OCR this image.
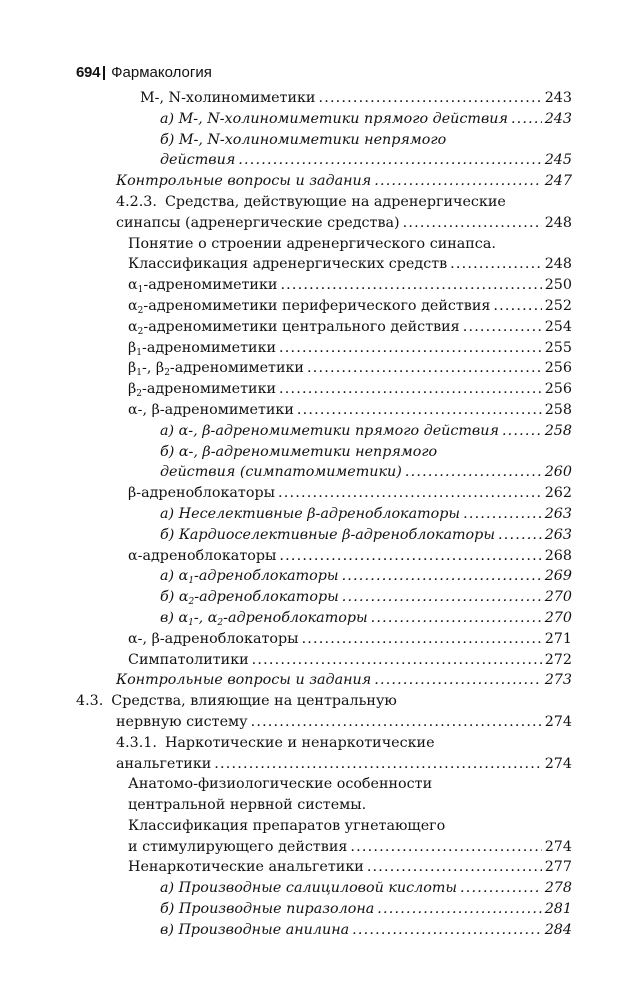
694 Фармакология
М-, N-холиномиметики .....	243
а) М-, N-холиномиметики прямого действия .....	243
б) М-, N-холиномиметики непрямого
действия .....	245
Контрольные вопросы и задания .....	247
4.2.3. Средства, действующие на адренергические
синапсы (адренергические средства) .....	248
Понятие о строении адренергического синапса.
Классификация адренергических средств .....	248
$\alpha_1$-адреномиметики .....	250
$\alpha_2$-адреномиметики периферического действия .....	252
$\alpha_2$-адреномиметики центрального действия .....	254
$\beta_1$-адреномиметики .....	255
$\beta_1-$, $\beta_2$-адреномиметики .....	256
$\beta_2$-адреномиметики .....	256
α-, β-адреномиметики .....	258
а) α-, β-адреномиметики прямого действия .....	258
б) α-, β-адреномиметики непрямого
действия (симпатомиметики) .....	260
β-адреноблокаторы .....	262
а) Неселективные β-адреноблокаторы .....	263
б) Кардиоселективные β-адреноблокаторы .....	263
α-адреноблокаторы .....	268
а) $\alpha_1$-адреноблокаторы .....	269
б) $\alpha_2$-адреноблокаторы .....	270
в) $\alpha_1-$, $\alpha_2$-адреноблокаторы .....	270
α-, β-адреноблокаторы .....	271
Симпатолитики .....	272
Контрольные вопросы и задания .....	273
4.3. Средства, влияющие на центральную
нервную систему .....	274
4.3.1. Наркотические и ненаркотические
анальгетики .....	274
Анатомо-физиологические особенности
центральной нервной системы.
Классификация препаратов угнетающего
и стимулирующего действия .....	274
Ненаркотические анальгетики .....	277
а) Производные салициловой кислоты .....	278
б) Производные пиразолона .....	281
в) Производные анилина .....	284
